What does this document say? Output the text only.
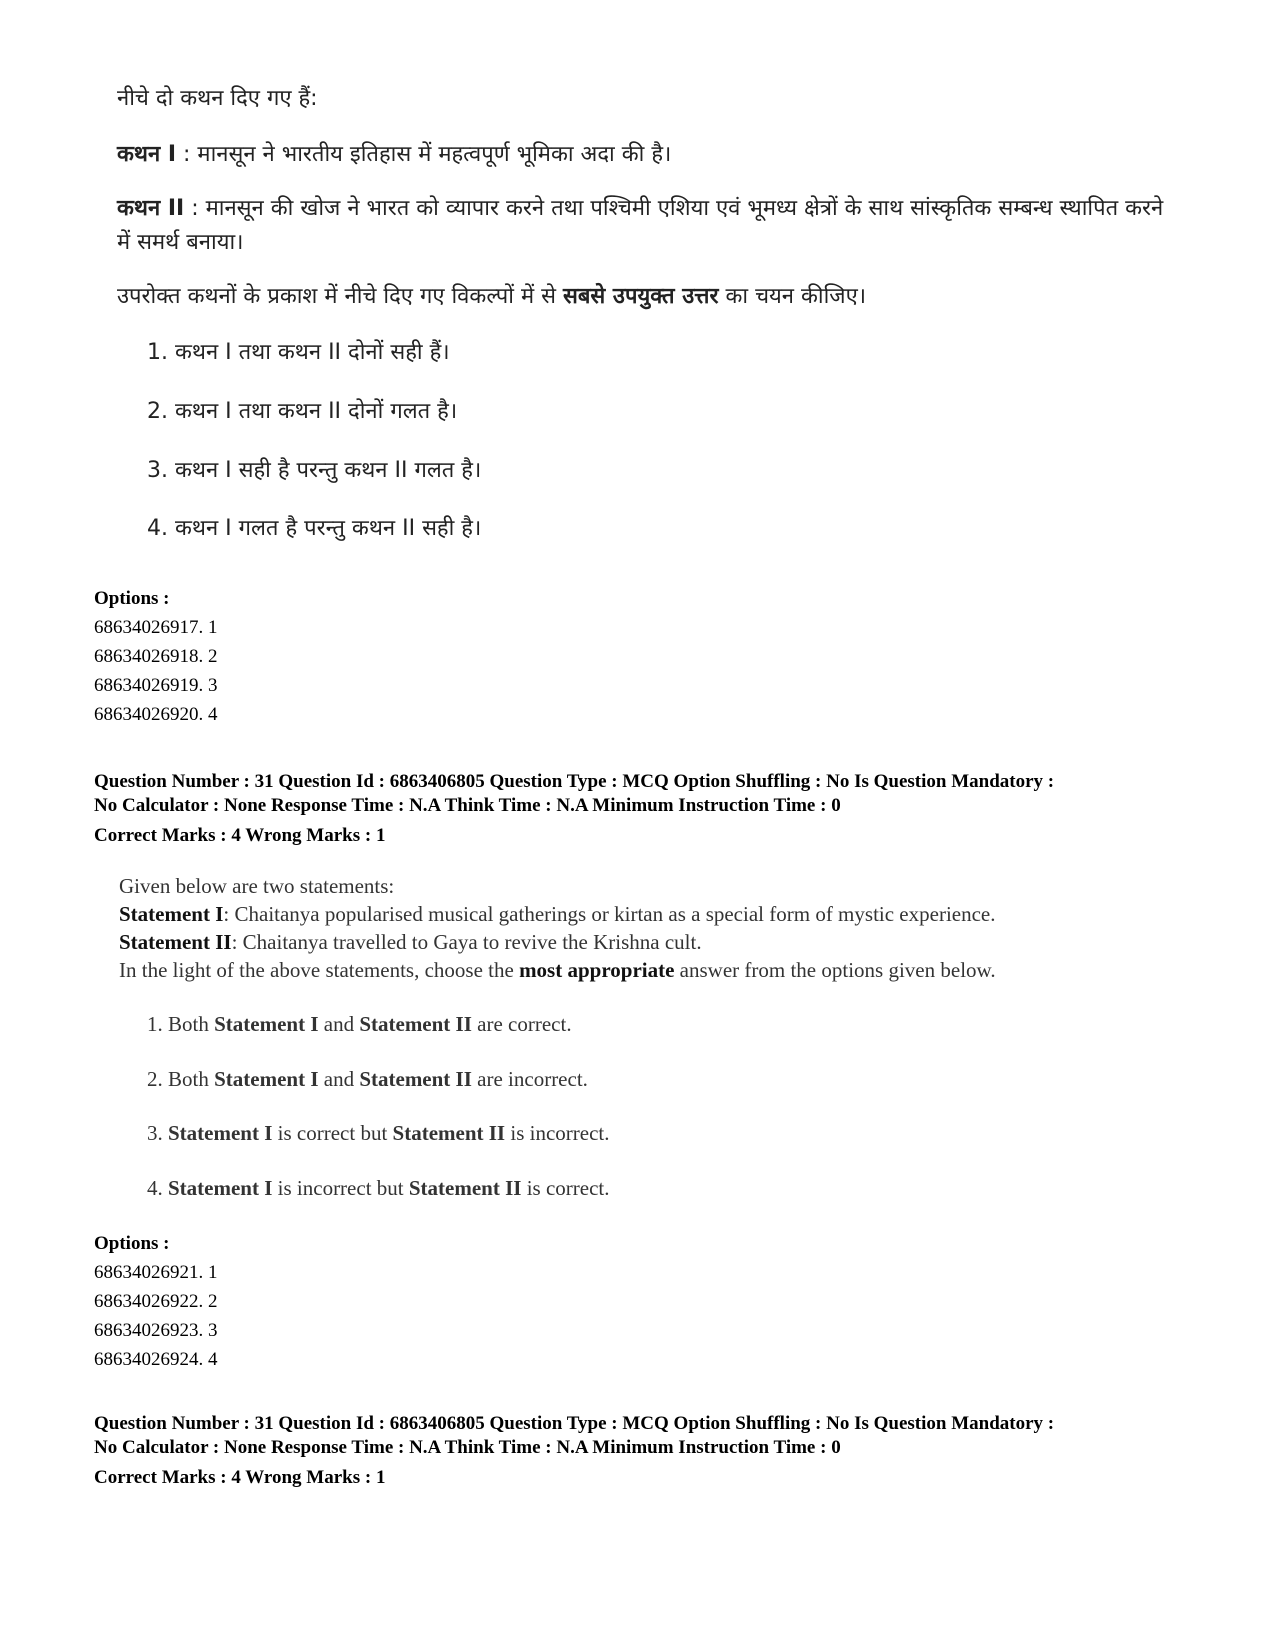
नीचे दो कथन दिए गए हैं:

कथन I : मानसून ने भारतीय इतिहास में महत्वपूर्ण भूमिका अदा की है।

कथन II : मानसून की खोज ने भारत को व्यापार करने तथा पश्चिमी एशिया एवं भूमध्य क्षेत्रों के साथ सांस्कृतिक सम्बन्ध स्थापित करने में समर्थ बनाया।

उपरोक्त कथनों के प्रकाश में नीचे दिए गए विकल्पों में से सबसे उपयुक्त उत्तर का चयन कीजिए।

1. कथन I तथा कथन II दोनों सही हैं।

2. कथन I तथा कथन II दोनों गलत है।

3. कथन I सही है परन्तु कथन II गलत है।

4. कथन I गलत है परन्तु कथन II सही है।

Options :
68634026917. 1
68634026918. 2
68634026919. 3
68634026920. 4
Question Number : 31 Question Id : 6863406805 Question Type : MCQ Option Shuffling : No Is Question Mandatory :
No Calculator : None Response Time : N.A Think Time : N.A Minimum Instruction Time : 0
Correct Marks : 4 Wrong Marks : 1

Given below are two statements:

Statement I: Chaitanya popularised musical gatherings or kirtan as a special form of mystic experience.

Statement II: Chaitanya travelled to Gaya to revive the Krishna cult.

In the light of the above statements, choose the most appropriate answer from the options given below.

1. Both Statement I and Statement II are correct.
2. Both Statement I and Statement II are incorrect.
3. Statement I is correct but Statement II is incorrect.
4. Statement I is incorrect but Statement II is correct.
Options :
68634026921. 1
68634026922. 2
68634026923. 3
68634026924. 4
Question Number : 31 Question Id : 6863406805 Question Type : MCQ Option Shuffling : No Is Question Mandatory :
No Calculator : None Response Time : N.A Think Time : N.A Minimum Instruction Time : 0
Correct Marks : 4 Wrong Marks : 1
